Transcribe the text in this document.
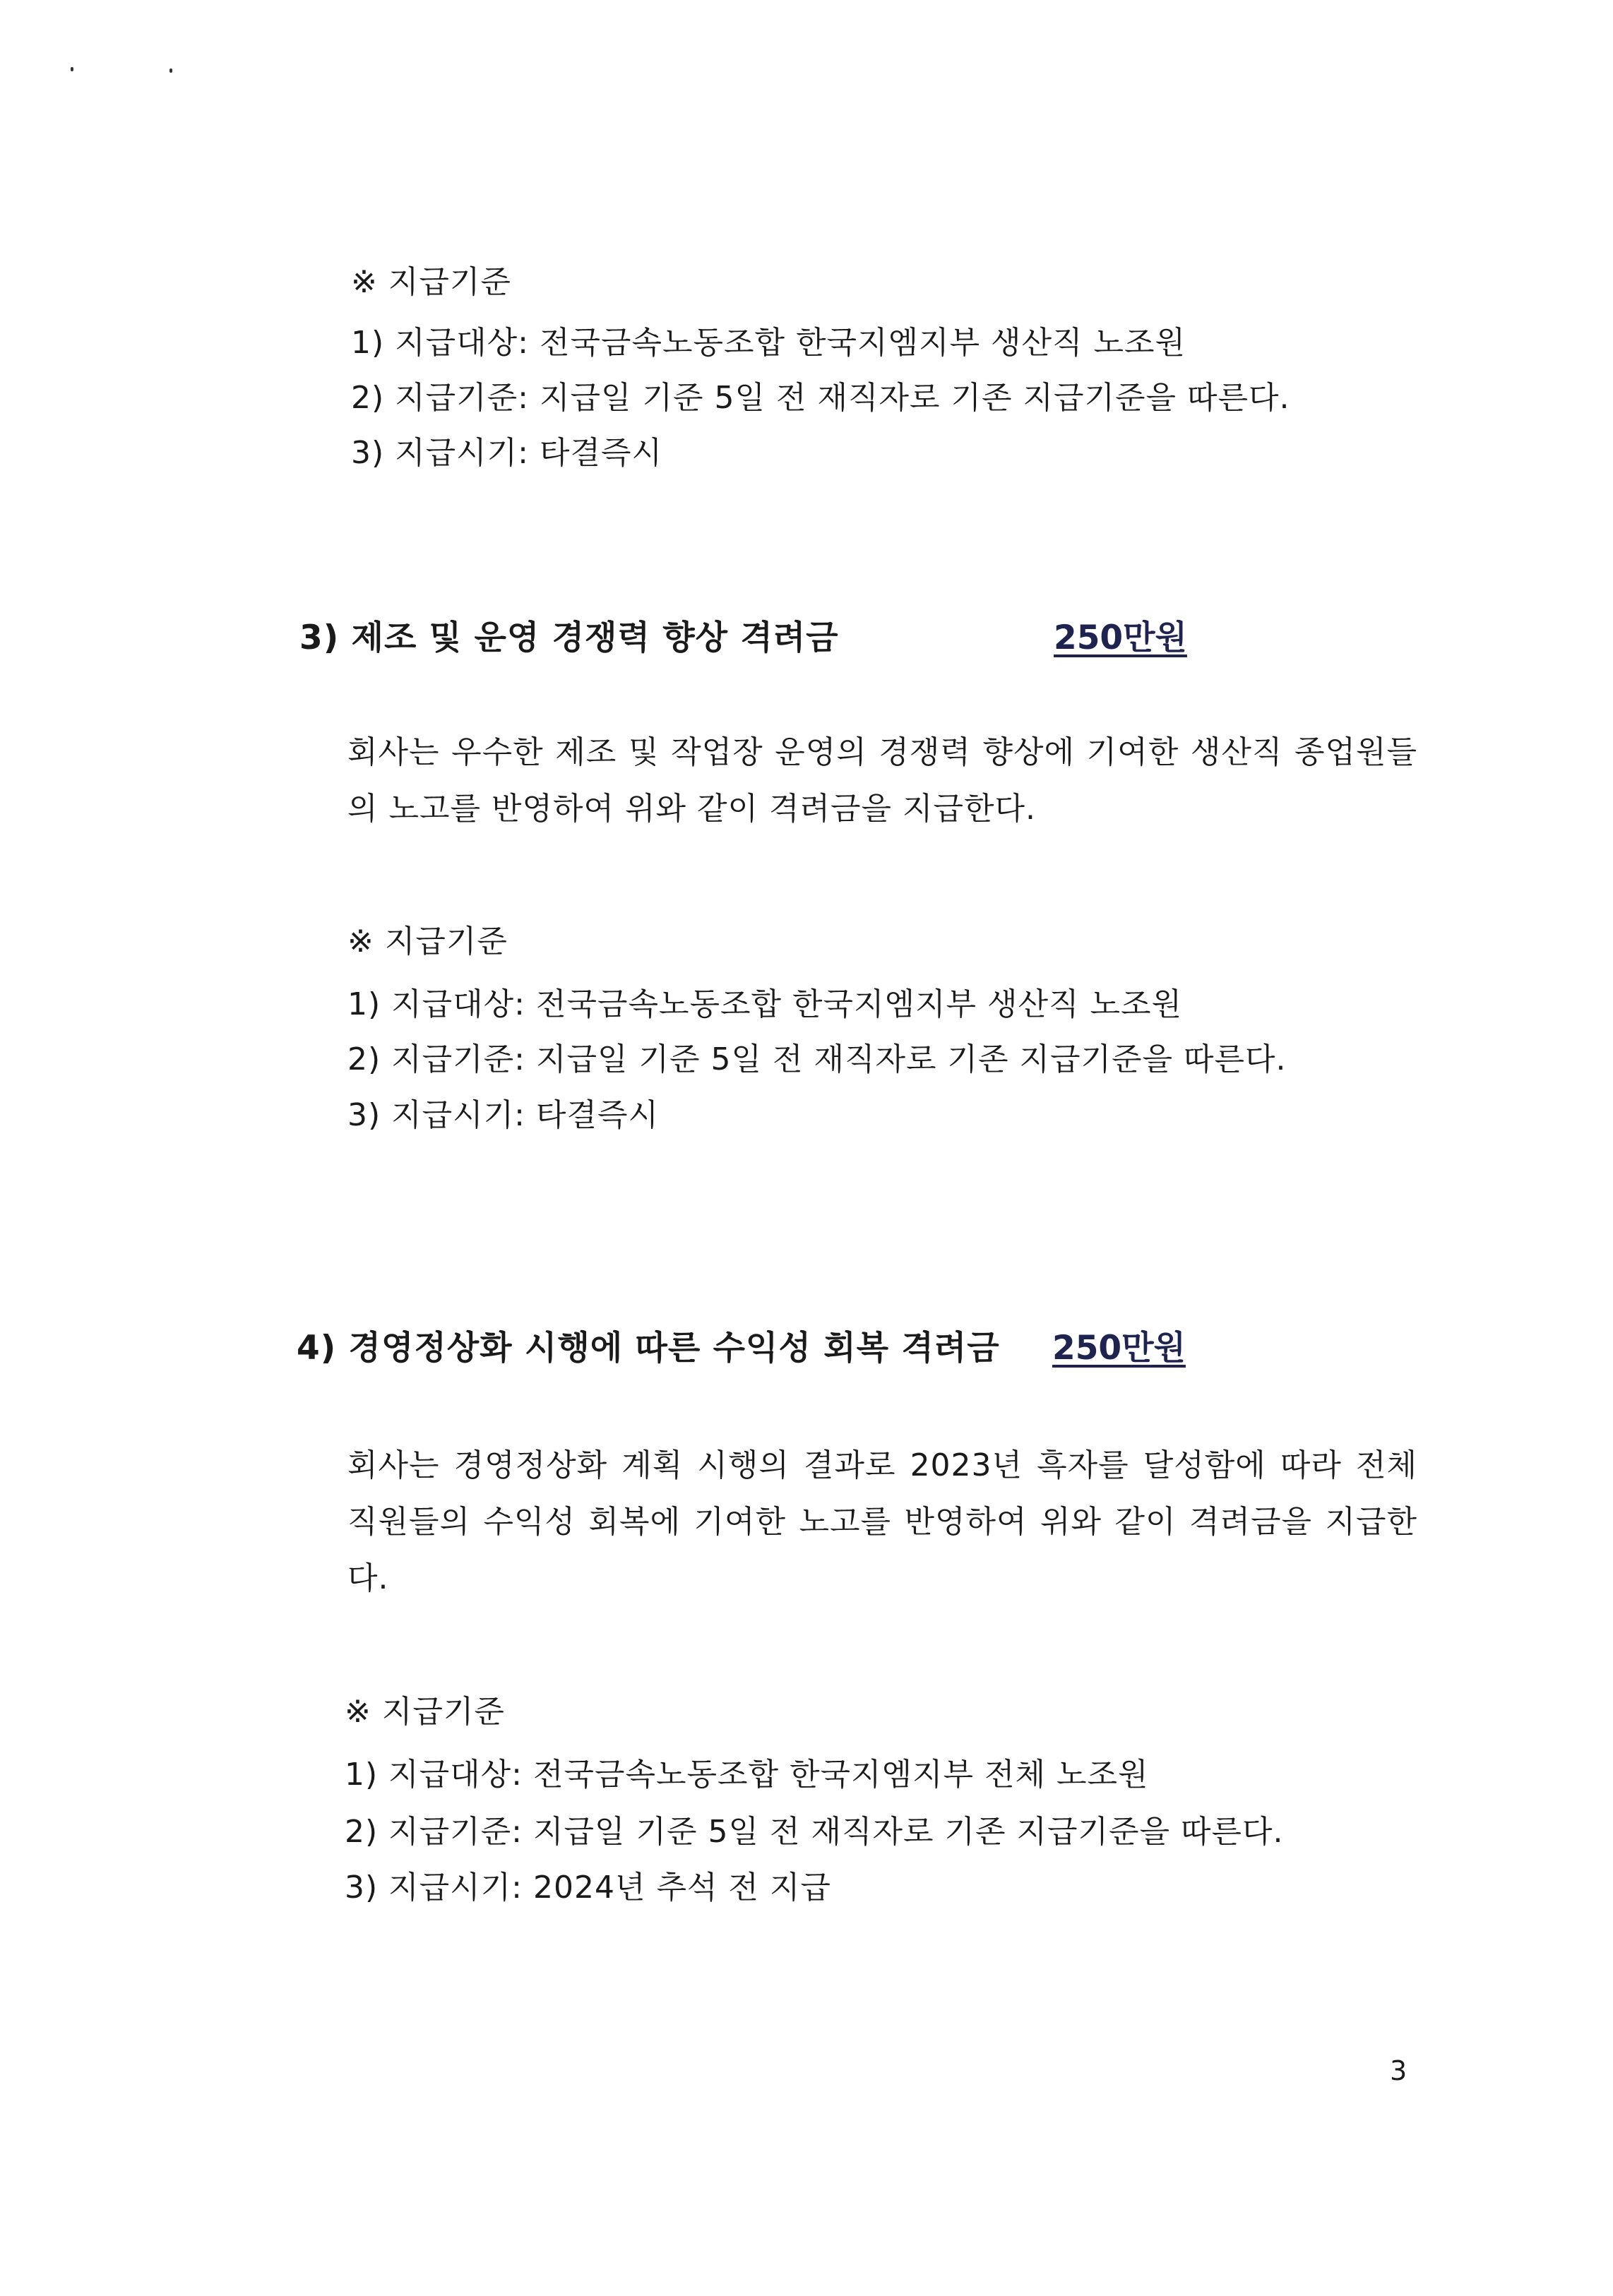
※ 지급기준
1) 지급대상: 전국금속노동조합 한국지엠지부 생산직 노조원
2) 지급기준: 지급일 기준 5일 전 재직자로 기존 지급기준을 따른다.
3) 지급시기: 타결즉시
3) 제조 및 운영 경쟁력 향상 격려금	250만원

회사는 우수한 제조 및 작업장 운영의 경쟁력 향상에 기여한 생산직 종업원들의 노고를 반영하여 위와 같이 격려금을 지급한다.

※ 지급기준
1) 지급대상: 전국금속노동조합 한국지엠지부 생산직 노조원
2) 지급기준: 지급일 기준 5일 전 재직자로 기존 지급기준을 따른다.
3) 지급시기: 타결즉시
4) 경영정상화 시행에 따른 수익성 회복 격려금 250만원

회사는 경영정상화 계획 시행의 결과로 2023년 흑자를 달성함에 따라 전체 직원들의 수익성 회복에 기여한 노고를 반영하여 위와 같이 격려금을 지급한다.

※ 지급기준
1) 지급대상: 전국금속노동조합 한국지엠지부 전체 노조원
2) 지급기준: 지급일 기준 5일 전 재직자로 기존 지급기준을 따른다.
3) 지급시기: 2024년 추석 전 지급
3
